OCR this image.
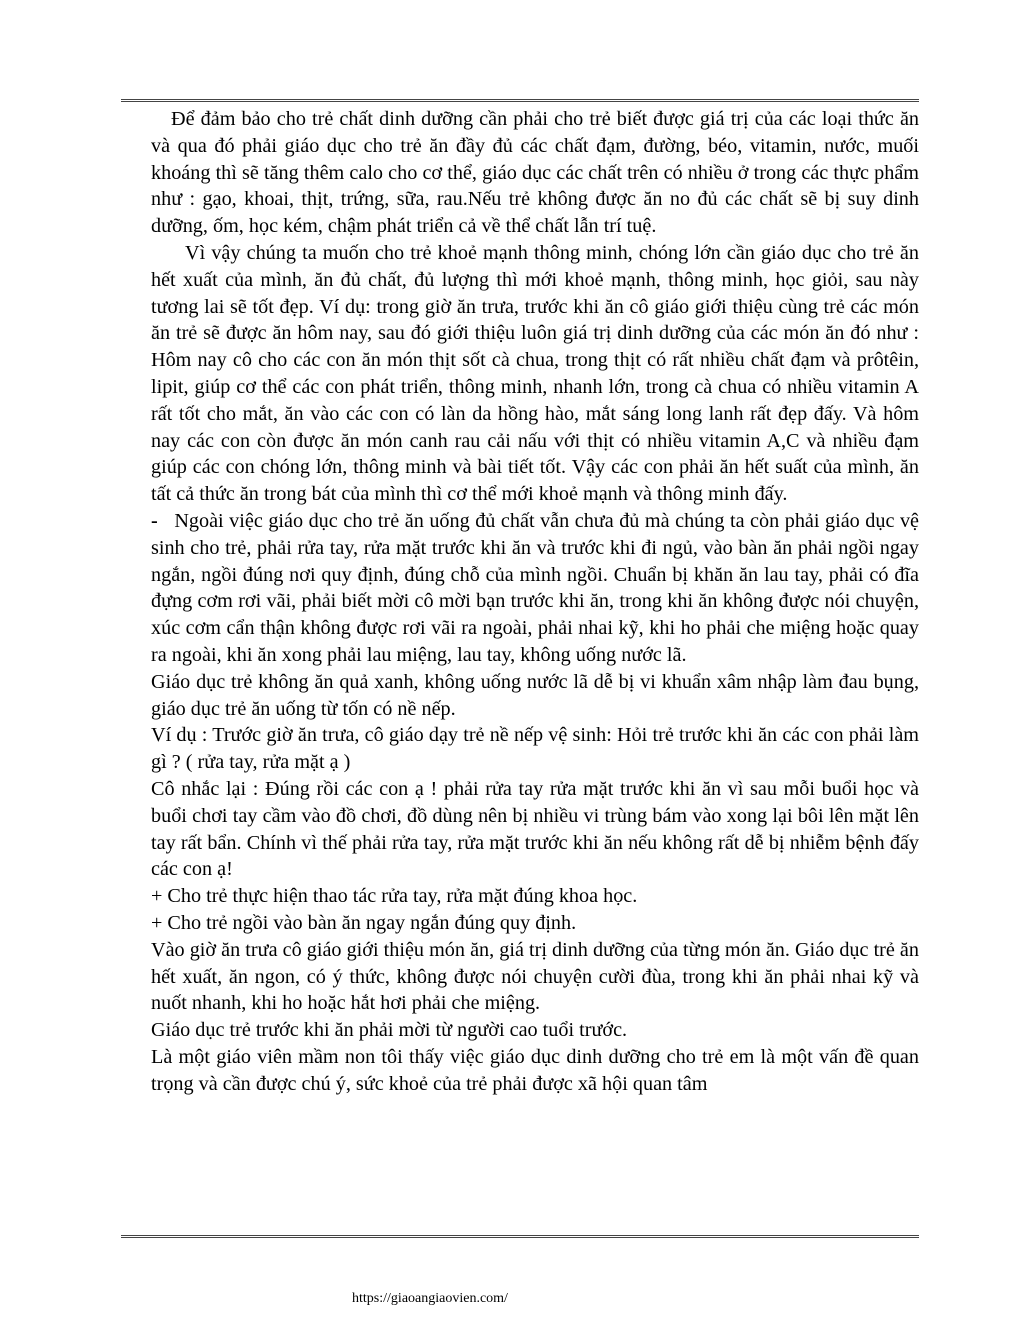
Để đảm bảo cho trẻ chất dinh dưỡng cần phải cho trẻ biết được giá trị của các loại thức ăn và qua đó phải giáo dục cho trẻ ăn đầy đủ các chất đạm, đường, béo, vitamin, nước, muối khoáng thì sẽ tăng thêm calo cho cơ thể, giáo dục các chất trên có nhiều ở trong các thực phẩm như : gạo, khoai, thịt, trứng, sữa, rau.Nếu trẻ không được ăn no đủ các chất sẽ bị suy dinh dưỡng, ốm, học kém, chậm phát triển cả về thể chất lẫn trí tuệ.

Vì vậy chúng ta muốn cho trẻ khoẻ mạnh thông minh, chóng lớn cần giáo dục cho trẻ ăn hết xuất của mình, ăn đủ chất, đủ lượng thì mới khoẻ mạnh, thông minh, học giỏi, sau này tương lai sẽ tốt đẹp. Ví dụ: trong giờ ăn trưa, trước khi ăn cô giáo giới thiệu cùng trẻ các món ăn trẻ sẽ được ăn hôm nay, sau đó giới thiệu luôn giá trị dinh dưỡng của các món ăn đó như : Hôm nay cô cho các con ăn món thịt sốt cà chua, trong thịt có rất nhiều chất đạm và prôtêin, lipit, giúp cơ thể các con phát triển, thông minh, nhanh lớn, trong cà chua có nhiều vitamin A rất tốt cho mắt, ăn vào các con có làn da hồng hào, mắt sáng long lanh rất đẹp đấy. Và hôm nay các con còn được ăn món canh rau cải nấu với thịt có nhiều vitamin A,C và nhiều đạm giúp các con chóng lớn, thông minh và bài tiết tốt. Vậy các con phải ăn hết suất của mình, ăn tất cả thức ăn trong bát của mình thì cơ thể mới khoẻ mạnh và thông minh đấy.

- Ngoài việc giáo dục cho trẻ ăn uống đủ chất vẫn chưa đủ mà chúng ta còn phải giáo dục vệ sinh cho trẻ, phải rửa tay, rửa mặt trước khi ăn và trước khi đi ngủ, vào bàn ăn phải ngồi ngay ngắn, ngồi đúng nơi quy định, đúng chỗ của mình ngồi. Chuẩn bị khăn ăn lau tay, phải có đĩa đựng cơm rơi vãi, phải biết mời cô mời bạn trước khi ăn, trong khi ăn không được nói chuyện, xúc cơm cẩn thận không được rơi vãi ra ngoài, phải nhai kỹ, khi ho phải che miệng hoặc quay ra ngoài, khi ăn xong phải lau miệng, lau tay, không uống nước lã.

Giáo dục trẻ không ăn quả xanh, không uống nước lã dễ bị vi khuẩn xâm nhập làm đau bụng, giáo dục trẻ ăn uống từ tốn có nề nếp.

Ví dụ : Trước giờ ăn trưa, cô giáo dạy trẻ nề nếp vệ sinh: Hỏi trẻ trước khi ăn các con phải làm gì ? ( rửa tay, rửa mặt ạ )

Cô nhắc lại : Đúng rồi các con ạ ! phải rửa tay rửa mặt trước khi ăn vì sau mỗi buổi học và buổi chơi tay cầm vào đồ chơi, đồ dùng nên bị nhiều vi trùng bám vào xong lại bôi lên mặt lên tay rất bẩn. Chính vì thế phải rửa tay, rửa mặt trước khi ăn nếu không rất dễ bị nhiễm bệnh đấy các con ạ!

+ Cho trẻ thực hiện thao tác rửa tay, rửa mặt đúng khoa học.

+ Cho trẻ ngồi vào bàn ăn ngay ngắn đúng quy định.

Vào giờ ăn trưa cô giáo giới thiệu món ăn, giá trị dinh dưỡng của từng món ăn. Giáo dục trẻ ăn hết xuất, ăn ngon, có ý thức, không được nói chuyện cười đùa, trong khi ăn phải nhai kỹ và nuốt nhanh, khi ho hoặc hắt hơi phải che miệng.

Giáo dục trẻ trước khi ăn phải mời từ người cao tuổi trước.

Là một giáo viên mầm non tôi thấy việc giáo dục dinh dưỡng cho trẻ em là một vấn đề quan trọng và cần được chú ý, sức khoẻ của trẻ phải được xã hội quan tâm

https://giaoangiaovien.com/
